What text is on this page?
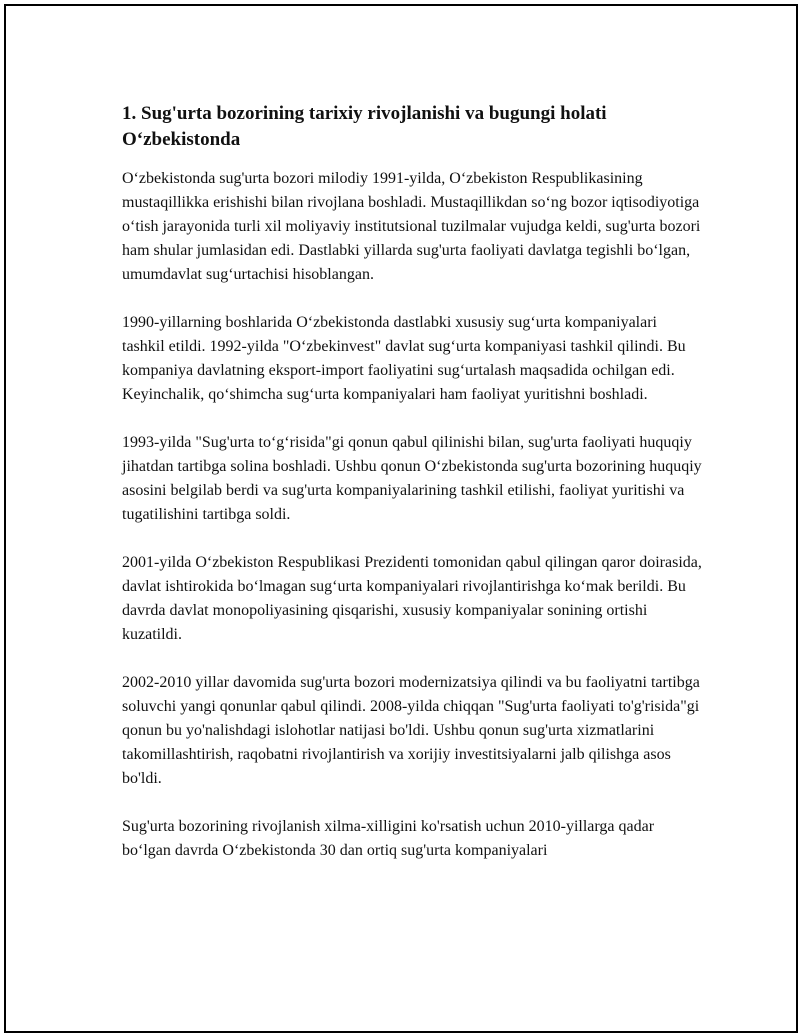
1. Sug'urta bozorining tarixiy rivojlanishi va bugungi holati O‘zbekistonda

O‘zbekistonda sug'urta bozori milodiy 1991-yilda, O‘zbekiston Respublikasining mustaqillikka erishishi bilan rivojlana boshladi. Mustaqillikdan so‘ng bozor iqtisodiyotiga o‘tish jarayonida turli xil moliyaviy institutsional tuzilmalar vujudga keldi, sug'urta bozori ham shular jumlasidan edi. Dastlabki yillarda sug'urta faoliyati davlatga tegishli bo‘lgan, umumdavlat sug‘urtachisi hisoblangan.

1990-yillarning boshlarida O‘zbekistonda dastlabki xususiy sug‘urta kompaniyalari tashkil etildi. 1992-yilda "O‘zbekinvest" davlat sug‘urta kompaniyasi tashkil qilindi. Bu kompaniya davlatning eksport-import faoliyatini sug‘urtalash maqsadida ochilgan edi. Keyinchalik, qo‘shimcha sug‘urta kompaniyalari ham faoliyat yuritishni boshladi.

1993-yilda "Sug'urta to‘g‘risida"gi qonun qabul qilinishi bilan, sug'urta faoliyati huquqiy jihatdan tartibga solina boshladi. Ushbu qonun O‘zbekistonda sug'urta bozorining huquqiy asosini belgilab berdi va sug'urta kompaniyalarining tashkil etilishi, faoliyat yuritishi va tugatilishini tartibga soldi.

2001-yilda O‘zbekiston Respublikasi Prezidenti tomonidan qabul qilingan qaror doirasida, davlat ishtirokida bo‘lmagan sug‘urta kompaniyalari rivojlantirishga ko‘mak berildi. Bu davrda davlat monopoliyasining qisqarishi, xususiy kompaniyalar sonining ortishi kuzatildi.

2002-2010 yillar davomida sug'urta bozori modernizatsiya qilindi va bu faoliyatni tartibga soluvchi yangi qonunlar qabul qilindi. 2008-yilda chiqqan "Sug'urta faoliyati to'g'risida"gi qonun bu yo'nalishdagi islohotlar natijasi bo'ldi. Ushbu qonun sug'urta xizmatlarini takomillashtirish, raqobatni rivojlantirish va xorijiy investitsiyalarni jalb qilishga asos bo'ldi.

Sug'urta bozorining rivojlanish xilma-xilligini ko'rsatish uchun 2010-yillarga qadar bo‘lgan davrda O‘zbekistonda 30 dan ortiq sug'urta kompaniyalari
